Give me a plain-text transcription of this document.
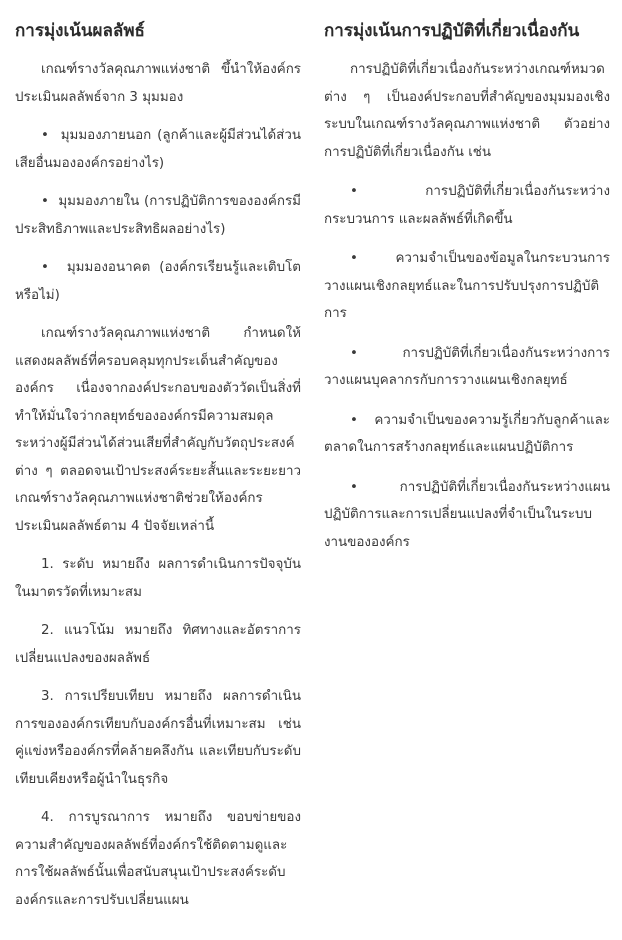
การมุ่งเน้นผลลัพธ์

เกณฑ์รางวัลคุณภาพแห่งชาติ ขึ้นำให้องค์กรประเมินผลลัพธ์จาก 3 มุมมอง

•  มุมมองภายนอก (ลูกค้าและผู้มีส่วนได้ส่วนเสียอื่นมององค์กรอย่างไร)

•  มุมมองภายใน (การปฏิบัติการขององค์กรมีประสิทธิภาพและประสิทธิผลอย่างไร)

•  มุมมองอนาคต (องค์กรเรียนรู้และเติบโตหรือไม่)

เกณฑ์รางวัลคุณภาพแห่งชาติ กำหนดให้แสดงผลลัพธ์ที่ครอบคลุมทุกประเด็นสำคัญขององค์กร เนื่องจากองค์ประกอบของตัววัดเป็นสิ่งที่ทำให้มั่นใจว่ากลยุทธ์ขององค์กรมีความสมดุลระหว่างผู้มีส่วนได้ส่วนเสียที่สำคัญกับวัตถุประสงค์ต่าง ๆ ตลอดจนเป้าประสงค์ระยะสั้นและระยะยาว เกณฑ์รางวัลคุณภาพแห่งชาติช่วยให้องค์กรประเมินผลลัพธ์ตาม 4 ปัจจัยเหล่านี้

1. ระดับ หมายถึง ผลการดำเนินการปัจจุบันในมาตรวัดที่เหมาะสม

2. แนวโน้ม หมายถึง ทิศทางและอัตราการเปลี่ยนแปลงของผลลัพธ์

3. การเปรียบเทียบ หมายถึง ผลการดำเนินการขององค์กรเทียบกับองค์กรอื่นที่เหมาะสม เช่น คู่แข่งหรือองค์กรที่คล้ายคลึงกัน และเทียบกับระดับเทียบเคียงหรือผู้นำในธุรกิจ

4. การบูรณาการ หมายถึง ขอบข่ายของความสำคัญของผลลัพธ์ที่องค์กรใช้ติดตามดูและการใช้ผลลัพธ์นั้นเพื่อสนับสนุนเป้าประสงค์ระดับองค์กรและการปรับเปลี่ยนแผน

การมุ่งเน้นการปฏิบัติที่เกี่ยวเนื่องกัน

การปฏิบัติที่เกี่ยวเนื่องกันระหว่างเกณฑ์หมวดต่าง ๆ เป็นองค์ประกอบที่สำคัญของมุมมองเชิงระบบในเกณฑ์รางวัลคุณภาพแห่งชาติ ตัวอย่างการปฏิบัติที่เกี่ยวเนื่องกัน เช่น

•  การปฏิบัติที่เกี่ยวเนื่องกันระหว่างกระบวนการ และผลลัพธ์ที่เกิดขึ้น

•  ความจำเป็นของข้อมูลในกระบวนการวางแผนเชิงกลยุทธ์และในการปรับปรุงการปฏิบัติการ

•  การปฏิบัติที่เกี่ยวเนื่องกันระหว่างการวางแผนบุคลากรกับการวางแผนเชิงกลยุทธ์

•  ความจำเป็นของความรู้เกี่ยวกับลูกค้าและตลาดในการสร้างกลยุทธ์และแผนปฏิบัติการ

•  การปฏิบัติที่เกี่ยวเนื่องกันระหว่างแผนปฏิบัติการและการเปลี่ยนแปลงที่จำเป็นในระบบงานขององค์กร
